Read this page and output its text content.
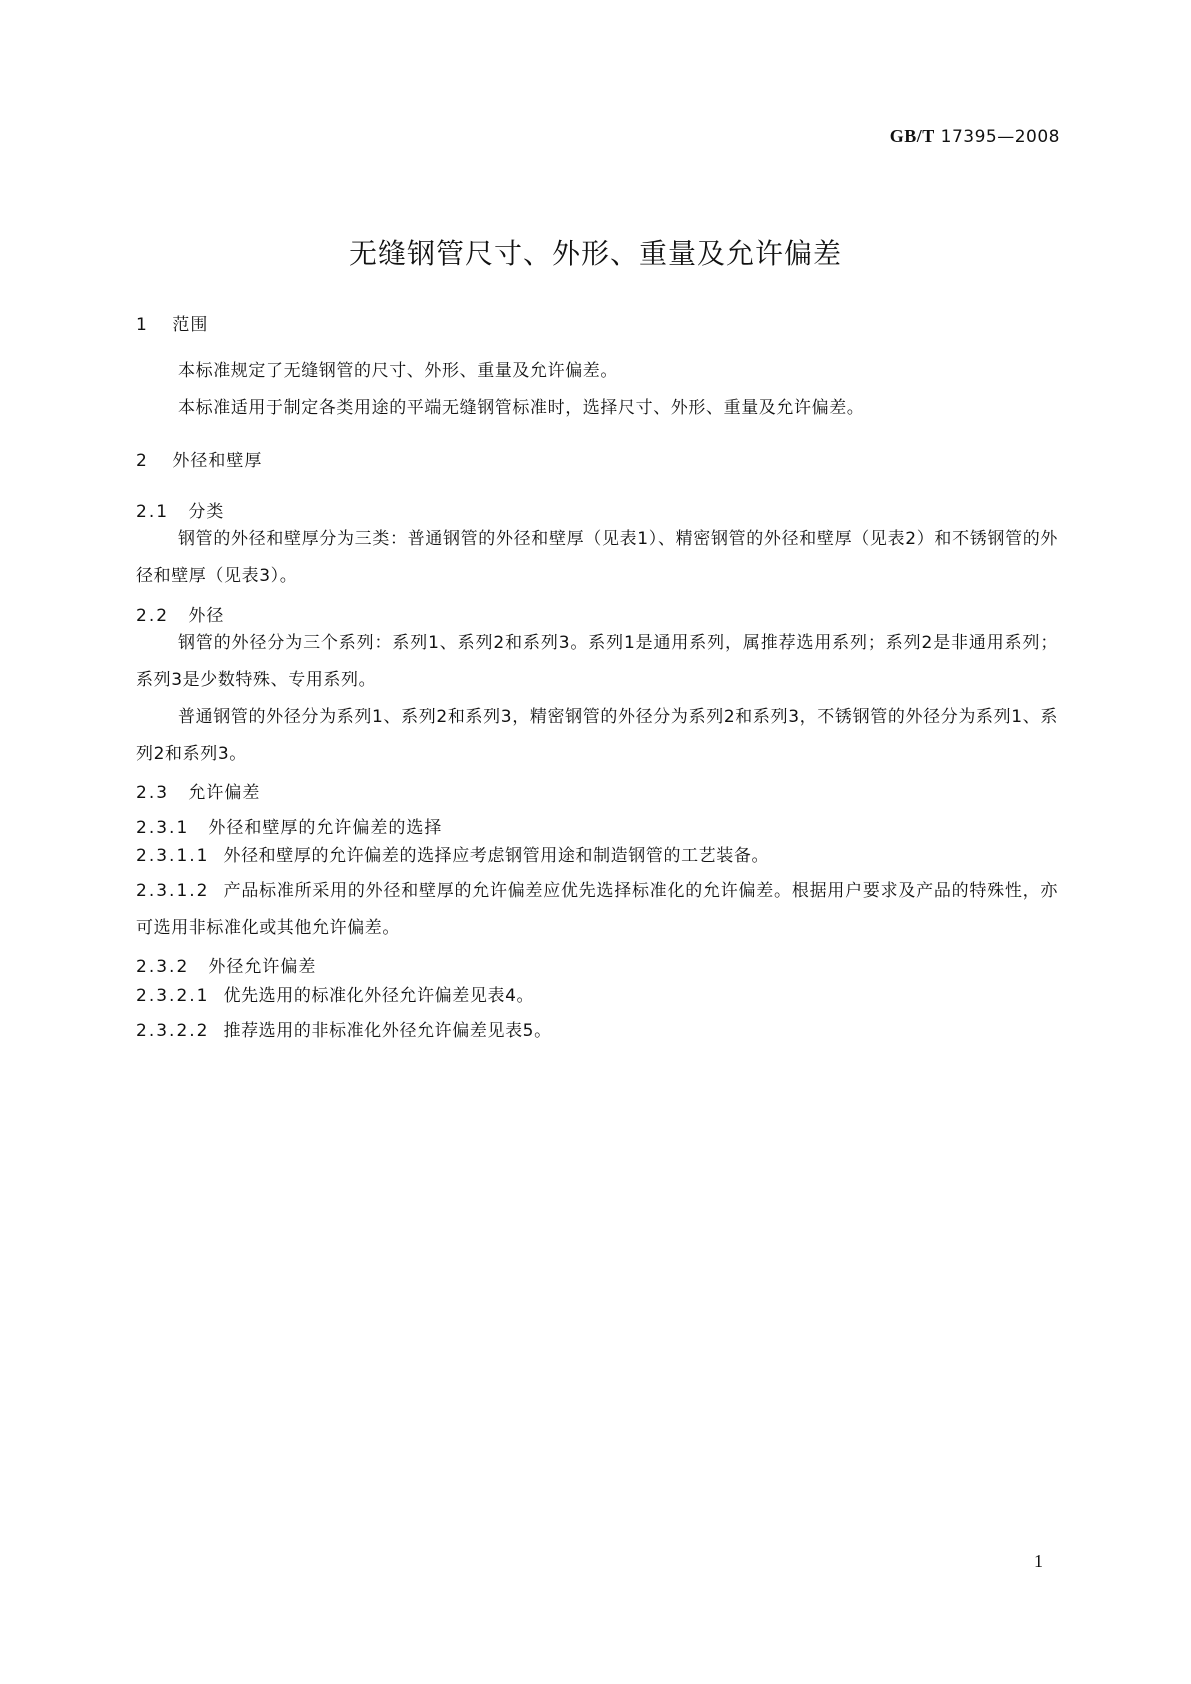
GB/T 17395—2008
无缝钢管尺寸、外形、重量及允许偏差
1 范围
本标准规定了无缝钢管的尺寸、外形、重量及允许偏差。
本标准适用于制定各类用途的平端无缝钢管标准时，选择尺寸、外形、重量及允许偏差。
2 外径和壁厚
2.1 分类
钢管的外径和壁厚分为三类：普通钢管的外径和壁厚（见表1）、精密钢管的外径和壁厚（见表2）和不锈钢管的外径和壁厚（见表3）。
2.2 外径
钢管的外径分为三个系列：系列1、系列2和系列3。系列1是通用系列，属推荐选用系列；系列2是非通用系列；系列3是少数特殊、专用系列。
普通钢管的外径分为系列1、系列2和系列3，精密钢管的外径分为系列2和系列3，不锈钢管的外径分为系列1、系列2和系列3。
2.3 允许偏差
2.3.1 外径和壁厚的允许偏差的选择
2.3.1.1 外径和壁厚的允许偏差的选择应考虑钢管用途和制造钢管的工艺装备。
2.3.1.2 产品标准所采用的外径和壁厚的允许偏差应优先选择标准化的允许偏差。根据用户要求及产品的特殊性，亦可选用非标准化或其他允许偏差。
2.3.2 外径允许偏差
2.3.2.1 优先选用的标准化外径允许偏差见表4。
2.3.2.2 推荐选用的非标准化外径允许偏差见表5。
1
